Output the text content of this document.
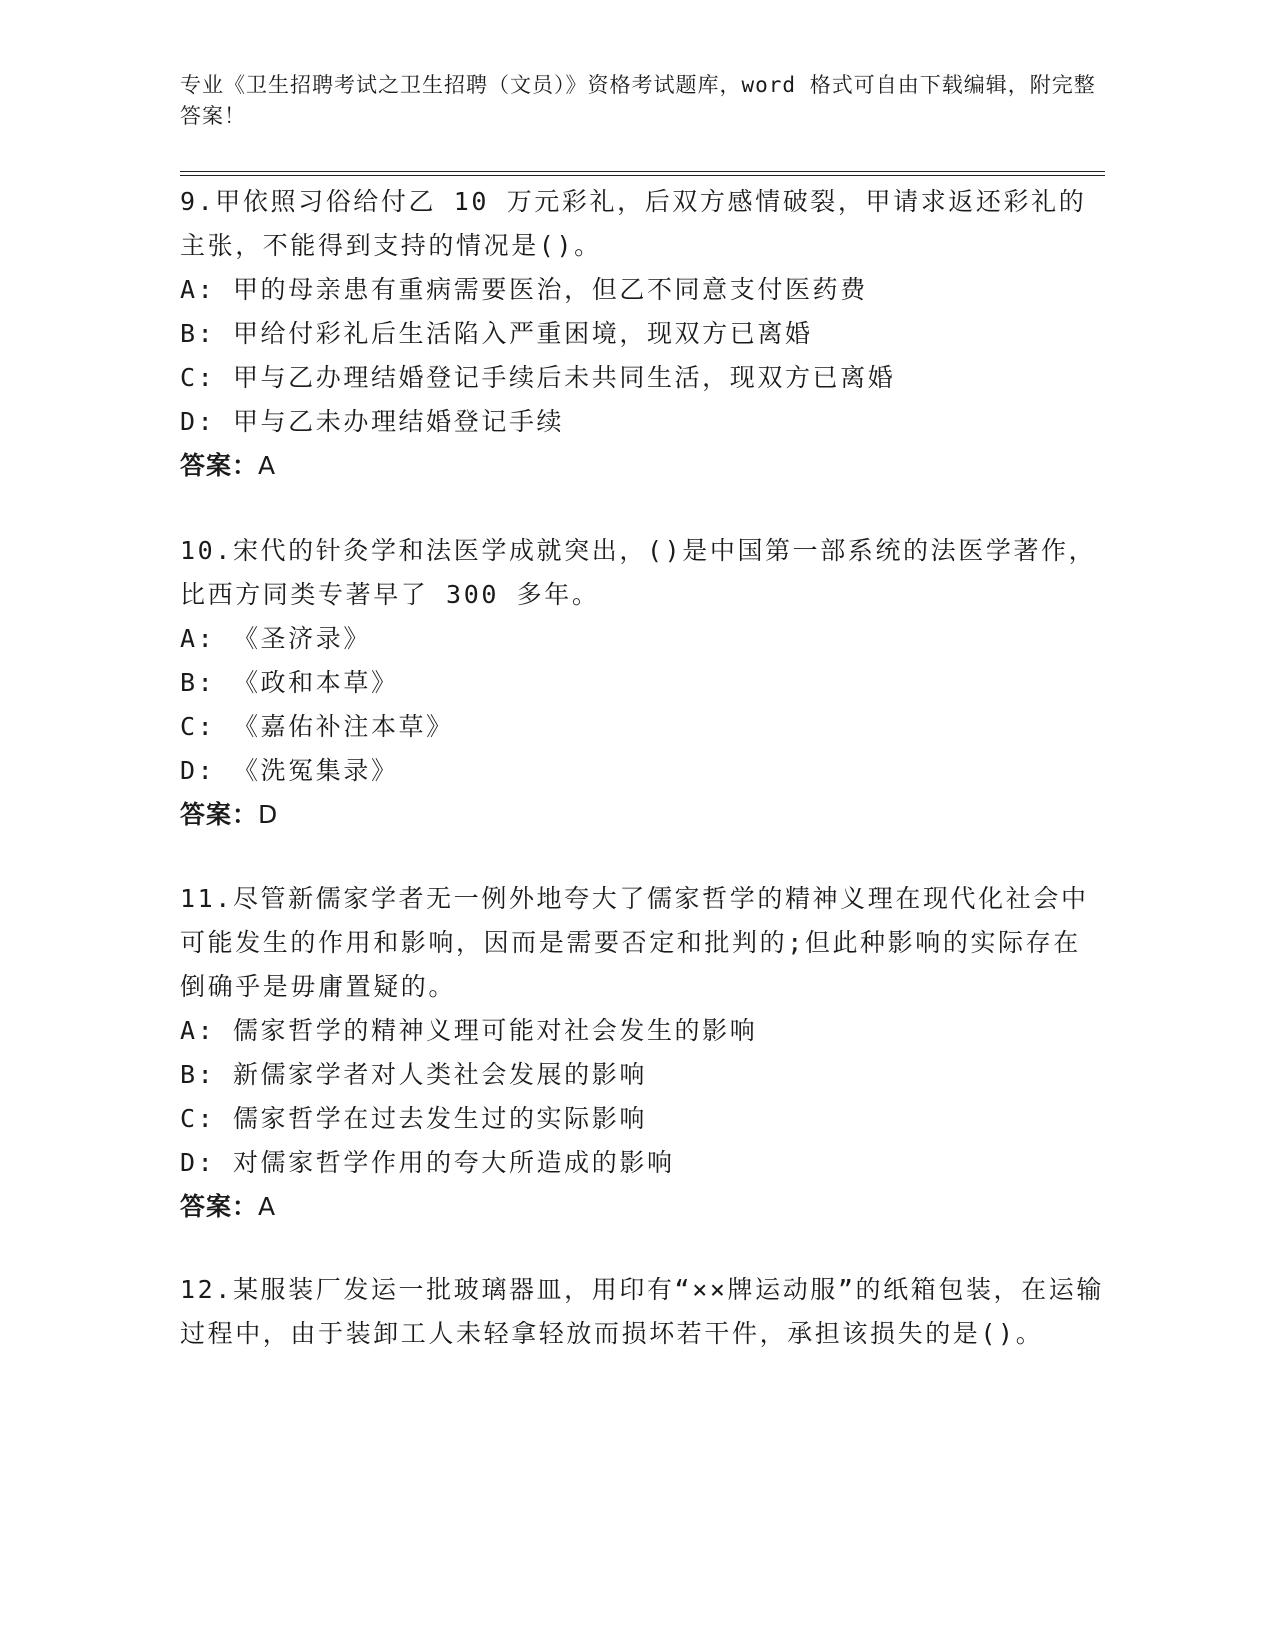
专业《卫生招聘考试之卫生招聘（文员）》资格考试题库，word 格式可自由下载编辑，附完整答案！

9.甲依照习俗给付乙 10 万元彩礼，后双方感情破裂，甲请求返还彩礼的主张，不能得到支持的情况是()。

A: 甲的母亲患有重病需要医治，但乙不同意支付医药费

B: 甲给付彩礼后生活陷入严重困境，现双方已离婚

C: 甲与乙办理结婚登记手续后未共同生活，现双方已离婚

D: 甲与乙未办理结婚登记手续

答案：A

10.宋代的针灸学和法医学成就突出，()是中国第一部系统的法医学著作，比西方同类专著早了 300 多年。

A: 《圣济录》

B: 《政和本草》

C: 《嘉佑补注本草》

D: 《洗冤集录》

答案：D

11.尽管新儒家学者无一例外地夸大了儒家哲学的精神义理在现代化社会中可能发生的作用和影响，因而是需要否定和批判的;但此种影响的实际存在倒确乎是毋庸置疑的。

A: 儒家哲学的精神义理可能对社会发生的影响

B: 新儒家学者对人类社会发展的影响

C: 儒家哲学在过去发生过的实际影响

D: 对儒家哲学作用的夸大所造成的影响

答案：A

12.某服装厂发运一批玻璃器皿，用印有“××牌运动服”的纸箱包装，在运输过程中，由于装卸工人未轻拿轻放而损坏若干件，承担该损失的是()。
